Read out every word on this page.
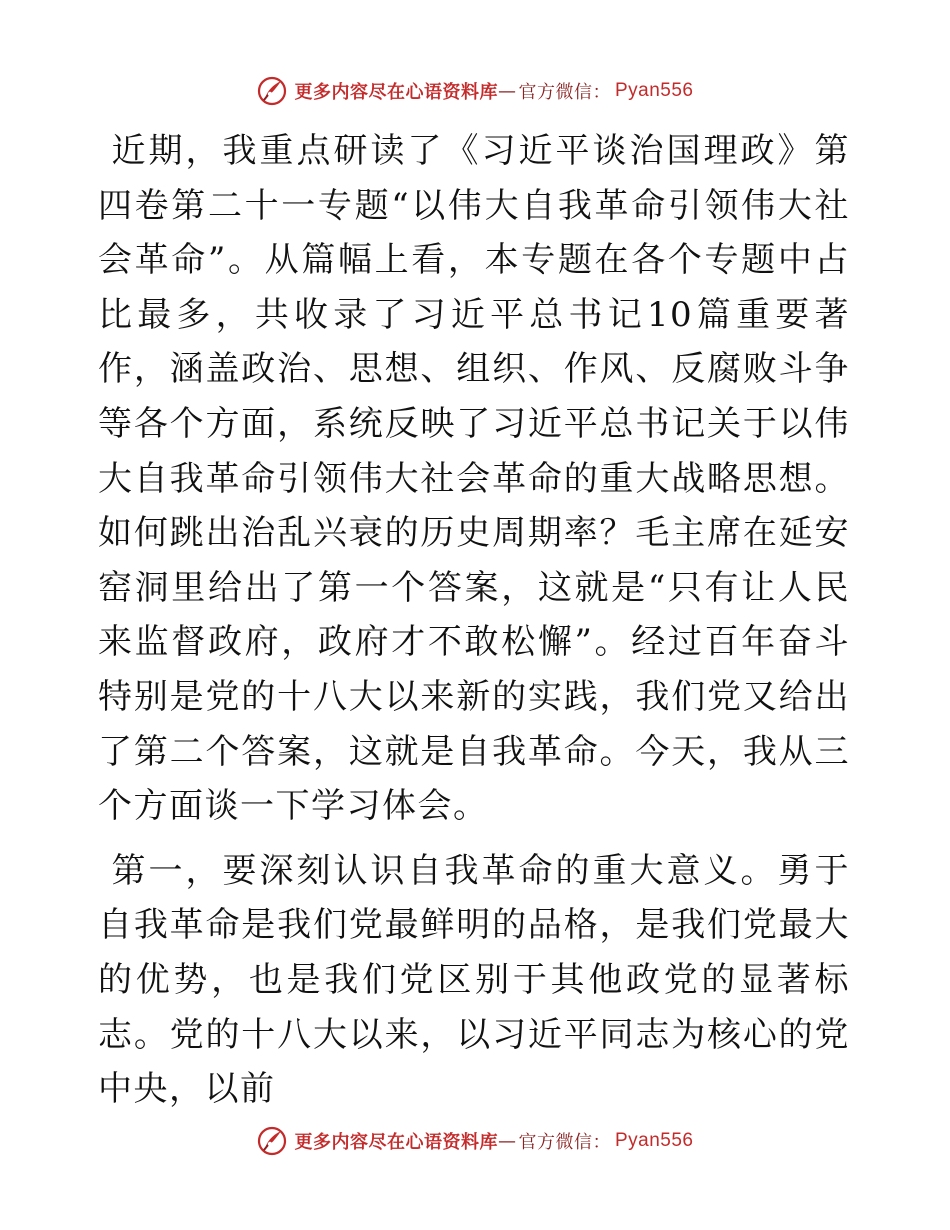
更多内容尽在心语资料库 — 官方微信： Pyan556

近期，我重点研读了《习近平谈治国理政》第四卷第二十一专题“以伟大自我革命引领伟大社会革命”。从篇幅上看，本专题在各个专题中占比最多，共收录了习近平总书记10篇重要著作，涵盖政治、思想、组织、作风、反腐败斗争等各个方面，系统反映了习近平总书记关于以伟大自我革命引领伟大社会革命的重大战略思想。如何跳出治乱兴衰的历史周期率？毛主席在延安窑洞里给出了第一个答案，这就是“只有让人民来监督政府，政府才不敢松懈”。经过百年奋斗特别是党的十八大以来新的实践，我们党又给出了第二个答案，这就是自我革命。今天，我从三个方面谈一下学习体会。

第一，要深刻认识自我革命的重大意义。勇于自我革命是我们党最鲜明的品格，是我们党最大的优势，也是我们党区别于其他政党的显著标志。党的十八大以来，以习近平同志为核心的党中央，以前

更多内容尽在心语资料库 — 官方微信： Pyan556
